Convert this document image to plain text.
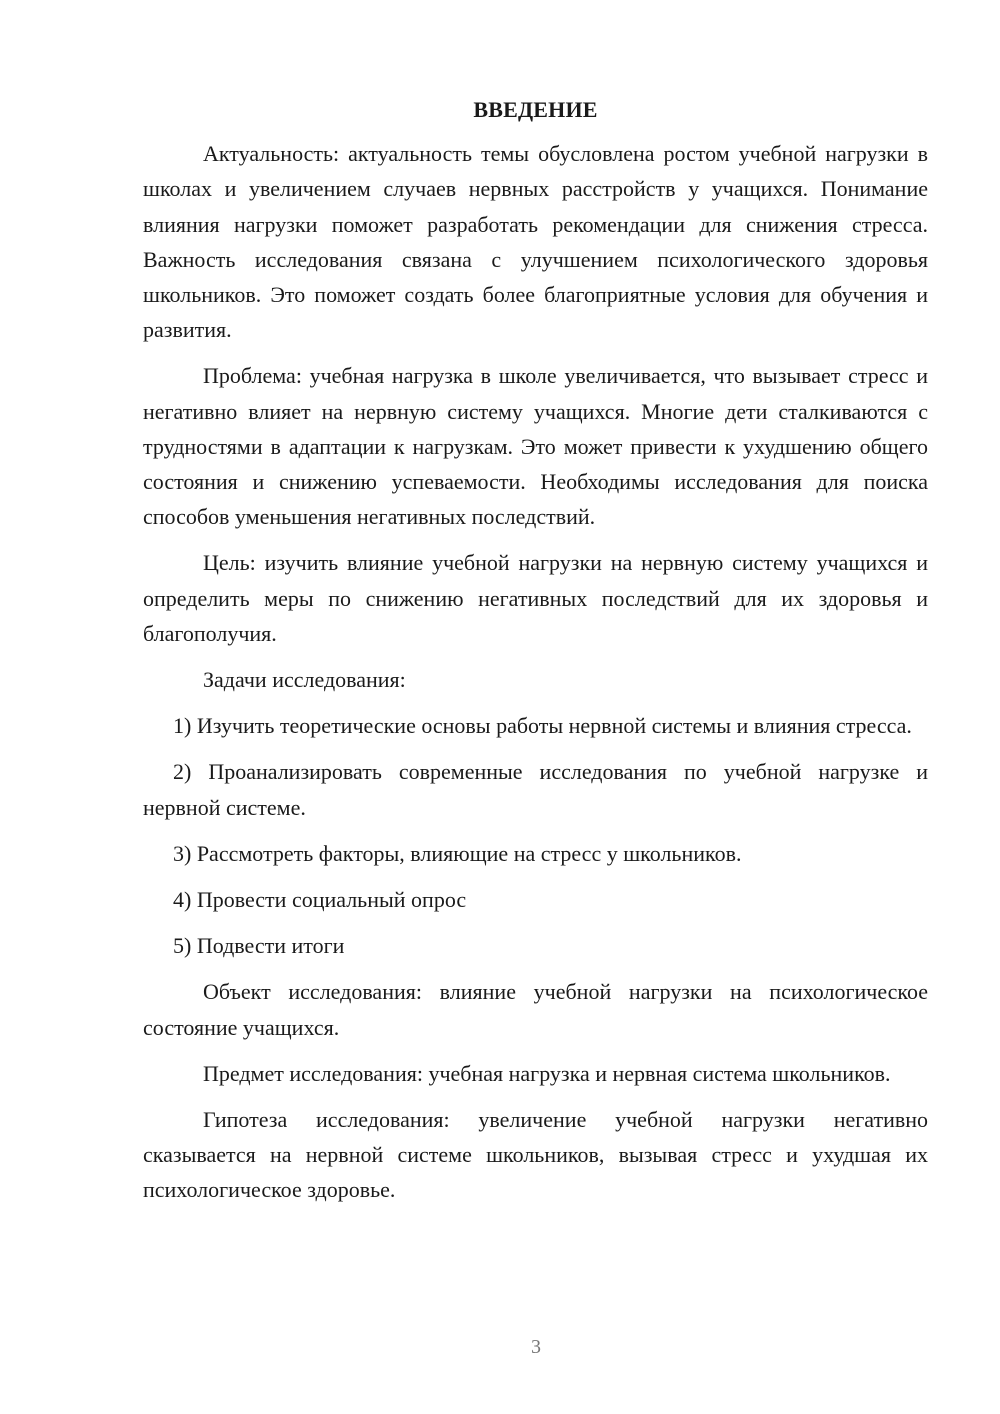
ВВЕДЕНИЕ

Актуальность: актуальность темы обусловлена ростом учебной нагрузки в школах и увеличением случаев нервных расстройств у учащихся. Понимание влияния нагрузки поможет разработать рекомендации для снижения стресса. Важность исследования связана с улучшением психологического здоровья школьников. Это поможет создать более благоприятные условия для обучения и развития.

Проблема: учебная нагрузка в школе увеличивается, что вызывает стресс и негативно влияет на нервную систему учащихся. Многие дети сталкиваются с трудностями в адаптации к нагрузкам. Это может привести к ухудшению общего состояния и снижению успеваемости. Необходимы исследования для поиска способов уменьшения негативных последствий.

Цель: изучить влияние учебной нагрузки на нервную систему учащихся и определить меры по снижению негативных последствий для их здоровья и благополучия.

Задачи исследования:

1) Изучить теоретические основы работы нервной системы и влияния стресса.

2) Проанализировать современные исследования по учебной нагрузке и нервной системе.

3) Рассмотреть факторы, влияющие на стресс у школьников.

4) Провести социальный опрос

5) Подвести итоги

Объект исследования: влияние учебной нагрузки на психологическое состояние учащихся.

Предмет исследования: учебная нагрузка и нервная система школьников.

Гипотеза исследования: увеличение учебной нагрузки негативно сказывается на нервной системе школьников, вызывая стресс и ухудшая их психологическое здоровье.

3
